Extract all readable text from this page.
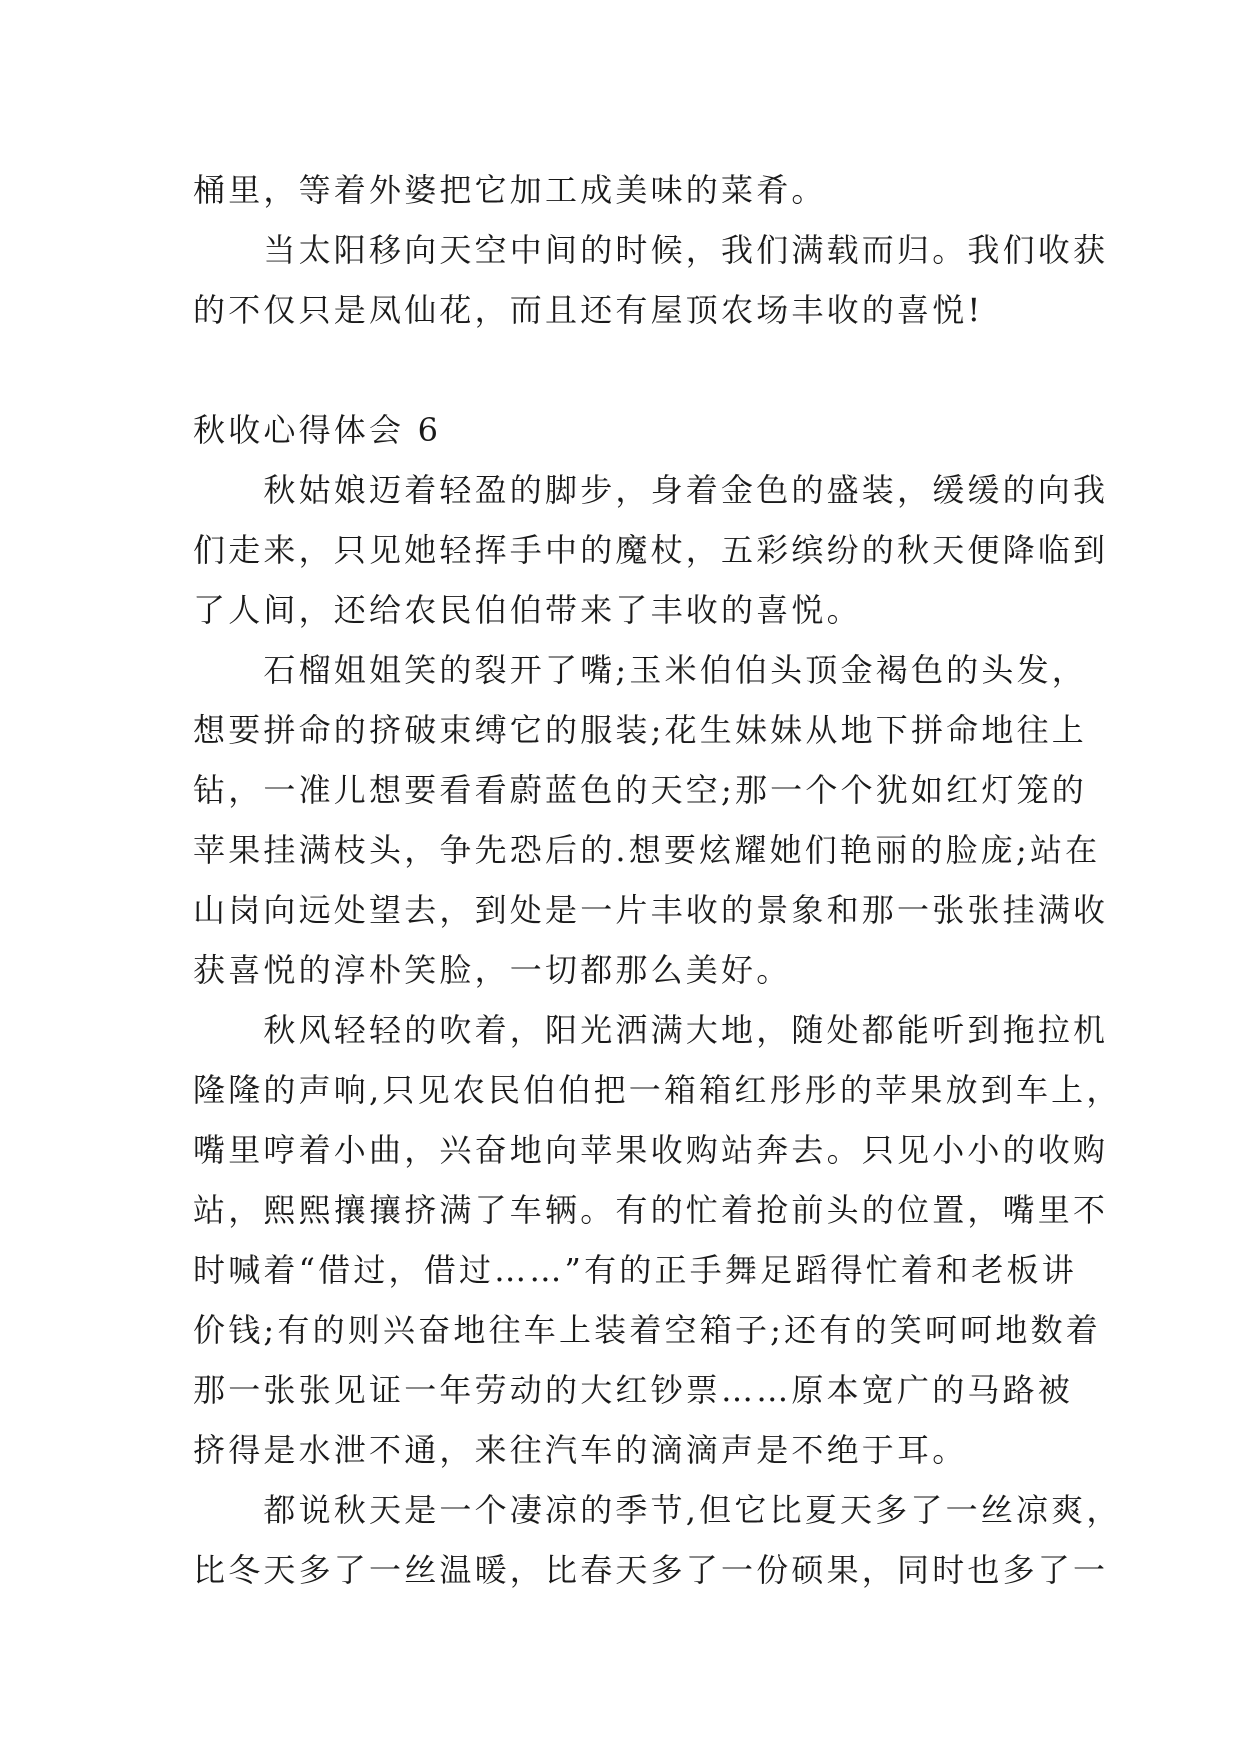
桶里，等着外婆把它加工成美味的菜肴。
　　当太阳移向天空中间的时候，我们满载而归。我们收获
的不仅只是凤仙花，而且还有屋顶农场丰收的喜悦!
秋收心得体会 6
　　秋姑娘迈着轻盈的脚步，身着金色的盛装，缓缓的向我
们走来，只见她轻挥手中的魔杖，五彩缤纷的秋天便降临到
了人间，还给农民伯伯带来了丰收的喜悦。
　　石榴姐姐笑的裂开了嘴;玉米伯伯头顶金褐色的头发，
想要拼命的挤破束缚它的服装;花生妹妹从地下拼命地往上
钻，一准儿想要看看蔚蓝色的天空;那一个个犹如红灯笼的
苹果挂满枝头，争先恐后的.想要炫耀她们艳丽的脸庞;站在
山岗向远处望去，到处是一片丰收的景象和那一张张挂满收
获喜悦的淳朴笑脸，一切都那么美好。
　　秋风轻轻的吹着，阳光洒满大地，随处都能听到拖拉机
隆隆的声响,只见农民伯伯把一箱箱红彤彤的苹果放到车上，
嘴里哼着小曲，兴奋地向苹果收购站奔去。只见小小的收购
站，熙熙攘攘挤满了车辆。有的忙着抢前头的位置，嘴里不
时喊着“借过，借过……”有的正手舞足蹈得忙着和老板讲
价钱;有的则兴奋地往车上装着空箱子;还有的笑呵呵地数着
那一张张见证一年劳动的大红钞票……原本宽广的马路被
挤得是水泄不通，来往汽车的滴滴声是不绝于耳。
　　都说秋天是一个凄凉的季节,但它比夏天多了一丝凉爽，
比冬天多了一丝温暖，比春天多了一份硕果，同时也多了一
